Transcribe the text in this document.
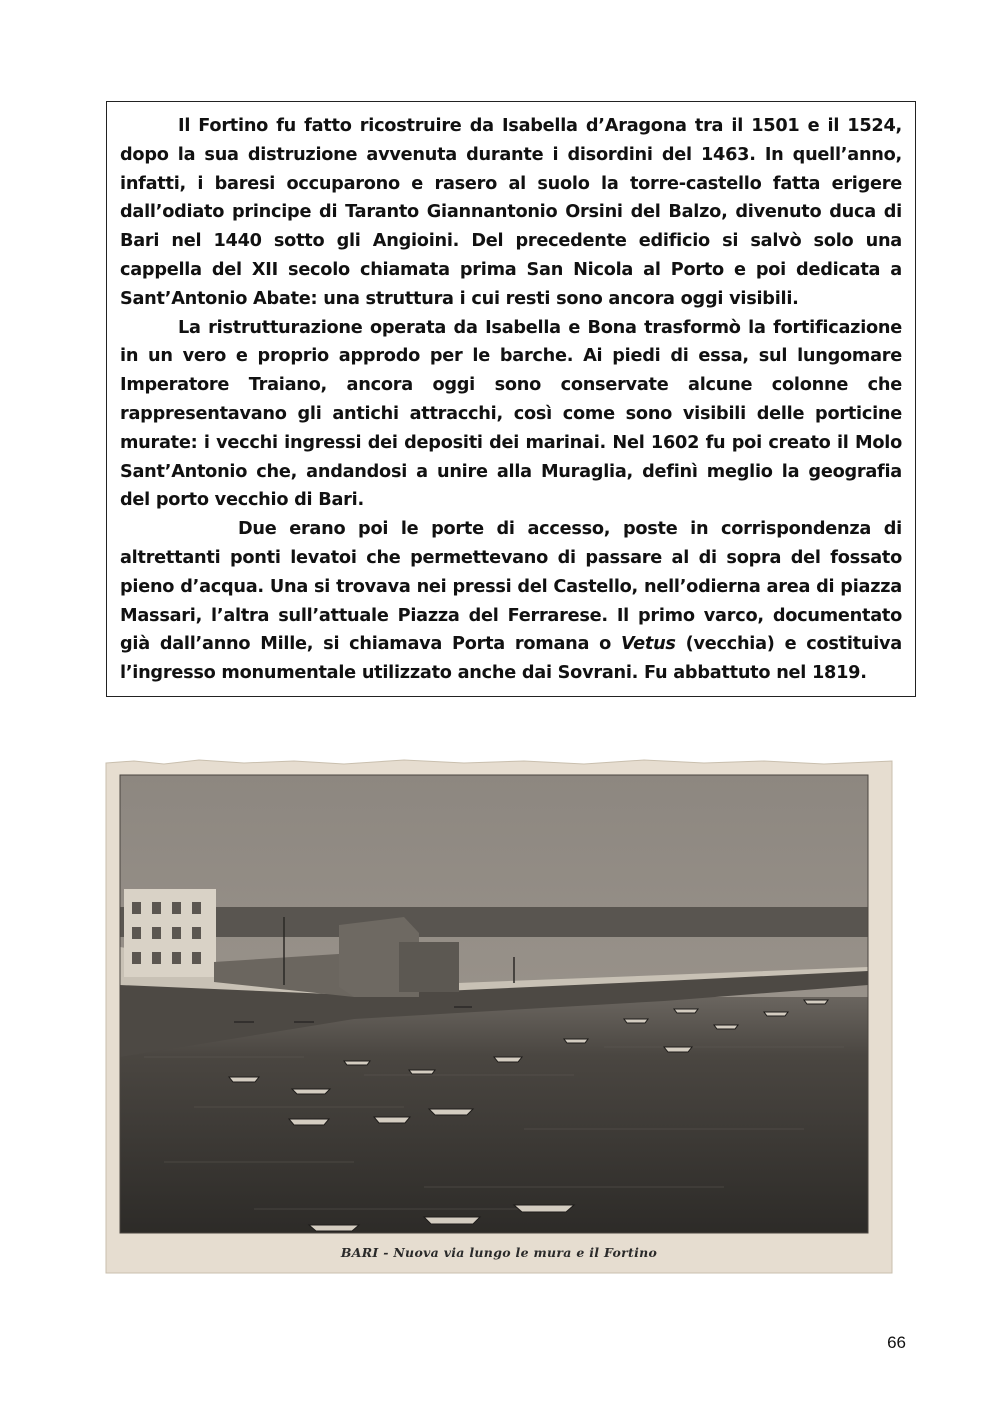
Il Fortino fu fatto ricostruire da Isabella d’Aragona tra il 1501 e il 1524, dopo la sua distruzione avvenuta durante i disordini del 1463. In quell’anno, infatti, i baresi occuparono e rasero al suolo la torre-castello fatta erigere dall’odiato principe di Taranto Giannantonio Orsini del Balzo, divenuto duca di Bari nel 1440 sotto gli Angioini. Del precedente edificio si salvò solo una cappella del XII secolo chiamata prima San Nicola al Porto e poi dedicata a Sant’Antonio Abate: una struttura i cui resti sono ancora oggi visibili.

La ristrutturazione operata da Isabella e Bona trasformò la fortificazione in un vero e proprio approdo per le barche. Ai piedi di essa, sul lungomare Imperatore Traiano, ancora oggi sono conservate alcune colonne che rappresentavano gli antichi attracchi, così come sono visibili delle porticine murate: i vecchi ingressi dei depositi dei marinai. Nel 1602 fu poi creato il Molo Sant’Antonio che, andandosi a unire alla Muraglia, definì meglio la geografia del porto vecchio di Bari.

Due erano poi le porte di accesso, poste in corrispondenza di altrettanti ponti levatoi che permettevano di passare al di sopra del fossato pieno d’acqua. Una si trovava nei pressi del Castello, nell’odierna area di piazza Massari, l’altra sull’attuale Piazza del Ferrarese. Il primo varco, documentato già dall’anno Mille, si chiamava Porta romana o Vetus (vecchia) e costituiva l’ingresso monumentale utilizzato anche dai Sovrani. Fu abbattuto nel 1819.

BARI - Nuova via lungo le mura e il Fortino
66
